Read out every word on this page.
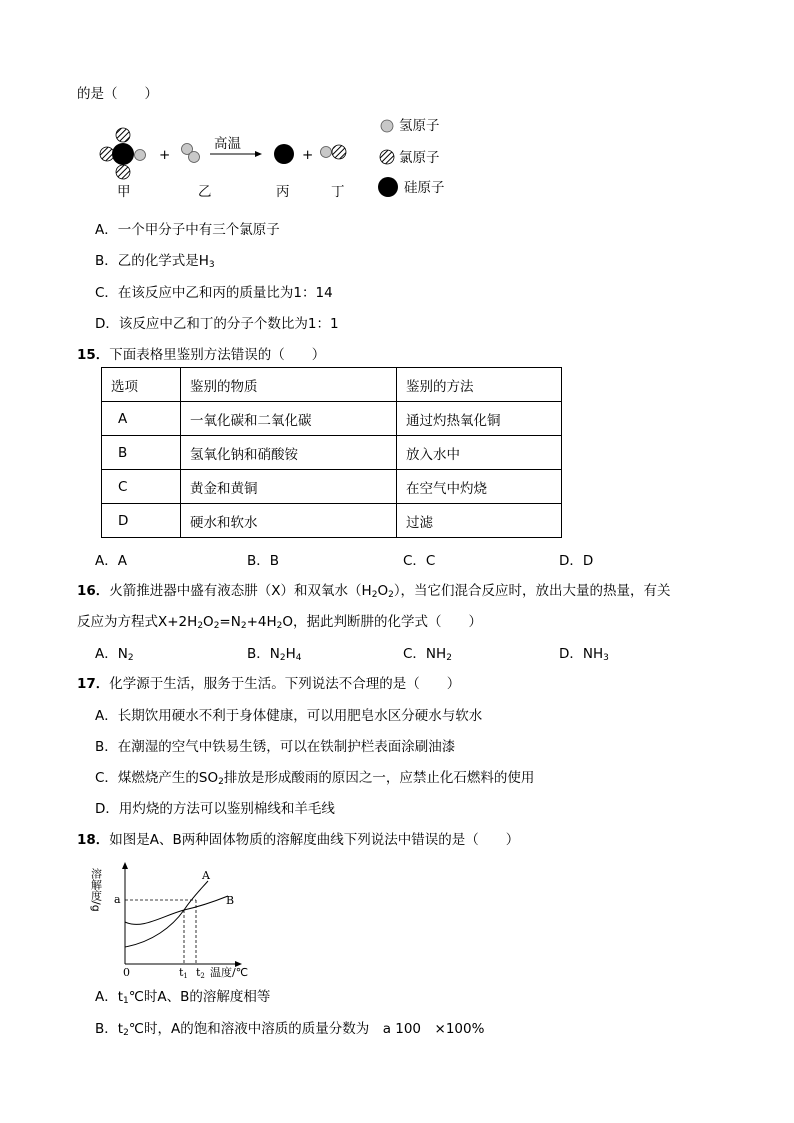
的是（　　）
+
高温
+
甲	乙	丙	丁
氢原子
氯原子
硅原子
A．一个甲分子中有三个氯原子
B．乙的化学式是$H_3$
C．在该反应中乙和丙的质量比为1：14
D．该反应中乙和丁的分子个数比为1：1
15．下面表格里鉴别方法错误的（　　）
选项	鉴别的物质	鉴别的方法
A	一氧化碳和二氧化碳	通过灼热氧化铜
B	氢氧化钠和硝酸铵	放入水中
C	黄金和黄铜	在空气中灼烧
D	硬水和软水	过滤
A．A	B．B	C．C	D．D
16．火箭推进器中盛有液态肼（X）和双氧水$(H_2O_2)$，当它们混合反应时，放出大量的热量，有关
反应为方程式$X+2H_2O_2=N_2+4H_2O$，据此判断肼的化学式（　　）
A．$N_2$	B．$N_2H_4$	C．$NH_2$	D．$NH_3$
17．化学源于生活，服务于生活。下列说法不合理的是（　　）
A．长期饮用硬水不利于身体健康，可以用肥皂水区分硬水与软水
B．在潮湿的空气中铁易生锈，可以在铁制护栏表面涂刷油漆
C．煤燃烧产生的$SO_2$排放是形成酸雨的原因之一，应禁止化石燃料的使用
D．用灼烧的方法可以鉴别棉线和羊毛线
18．如图是A、B两种固体物质的溶解度曲线下列说法中错误的是（　　）
溶解度/g	A
B
a
0	t1 t2 温度/℃
A．$t_1℃$时A、B的溶解度相等
B．$t_2℃$时，A的饱和溶液中溶质的质量分数为　a 100　×100%
